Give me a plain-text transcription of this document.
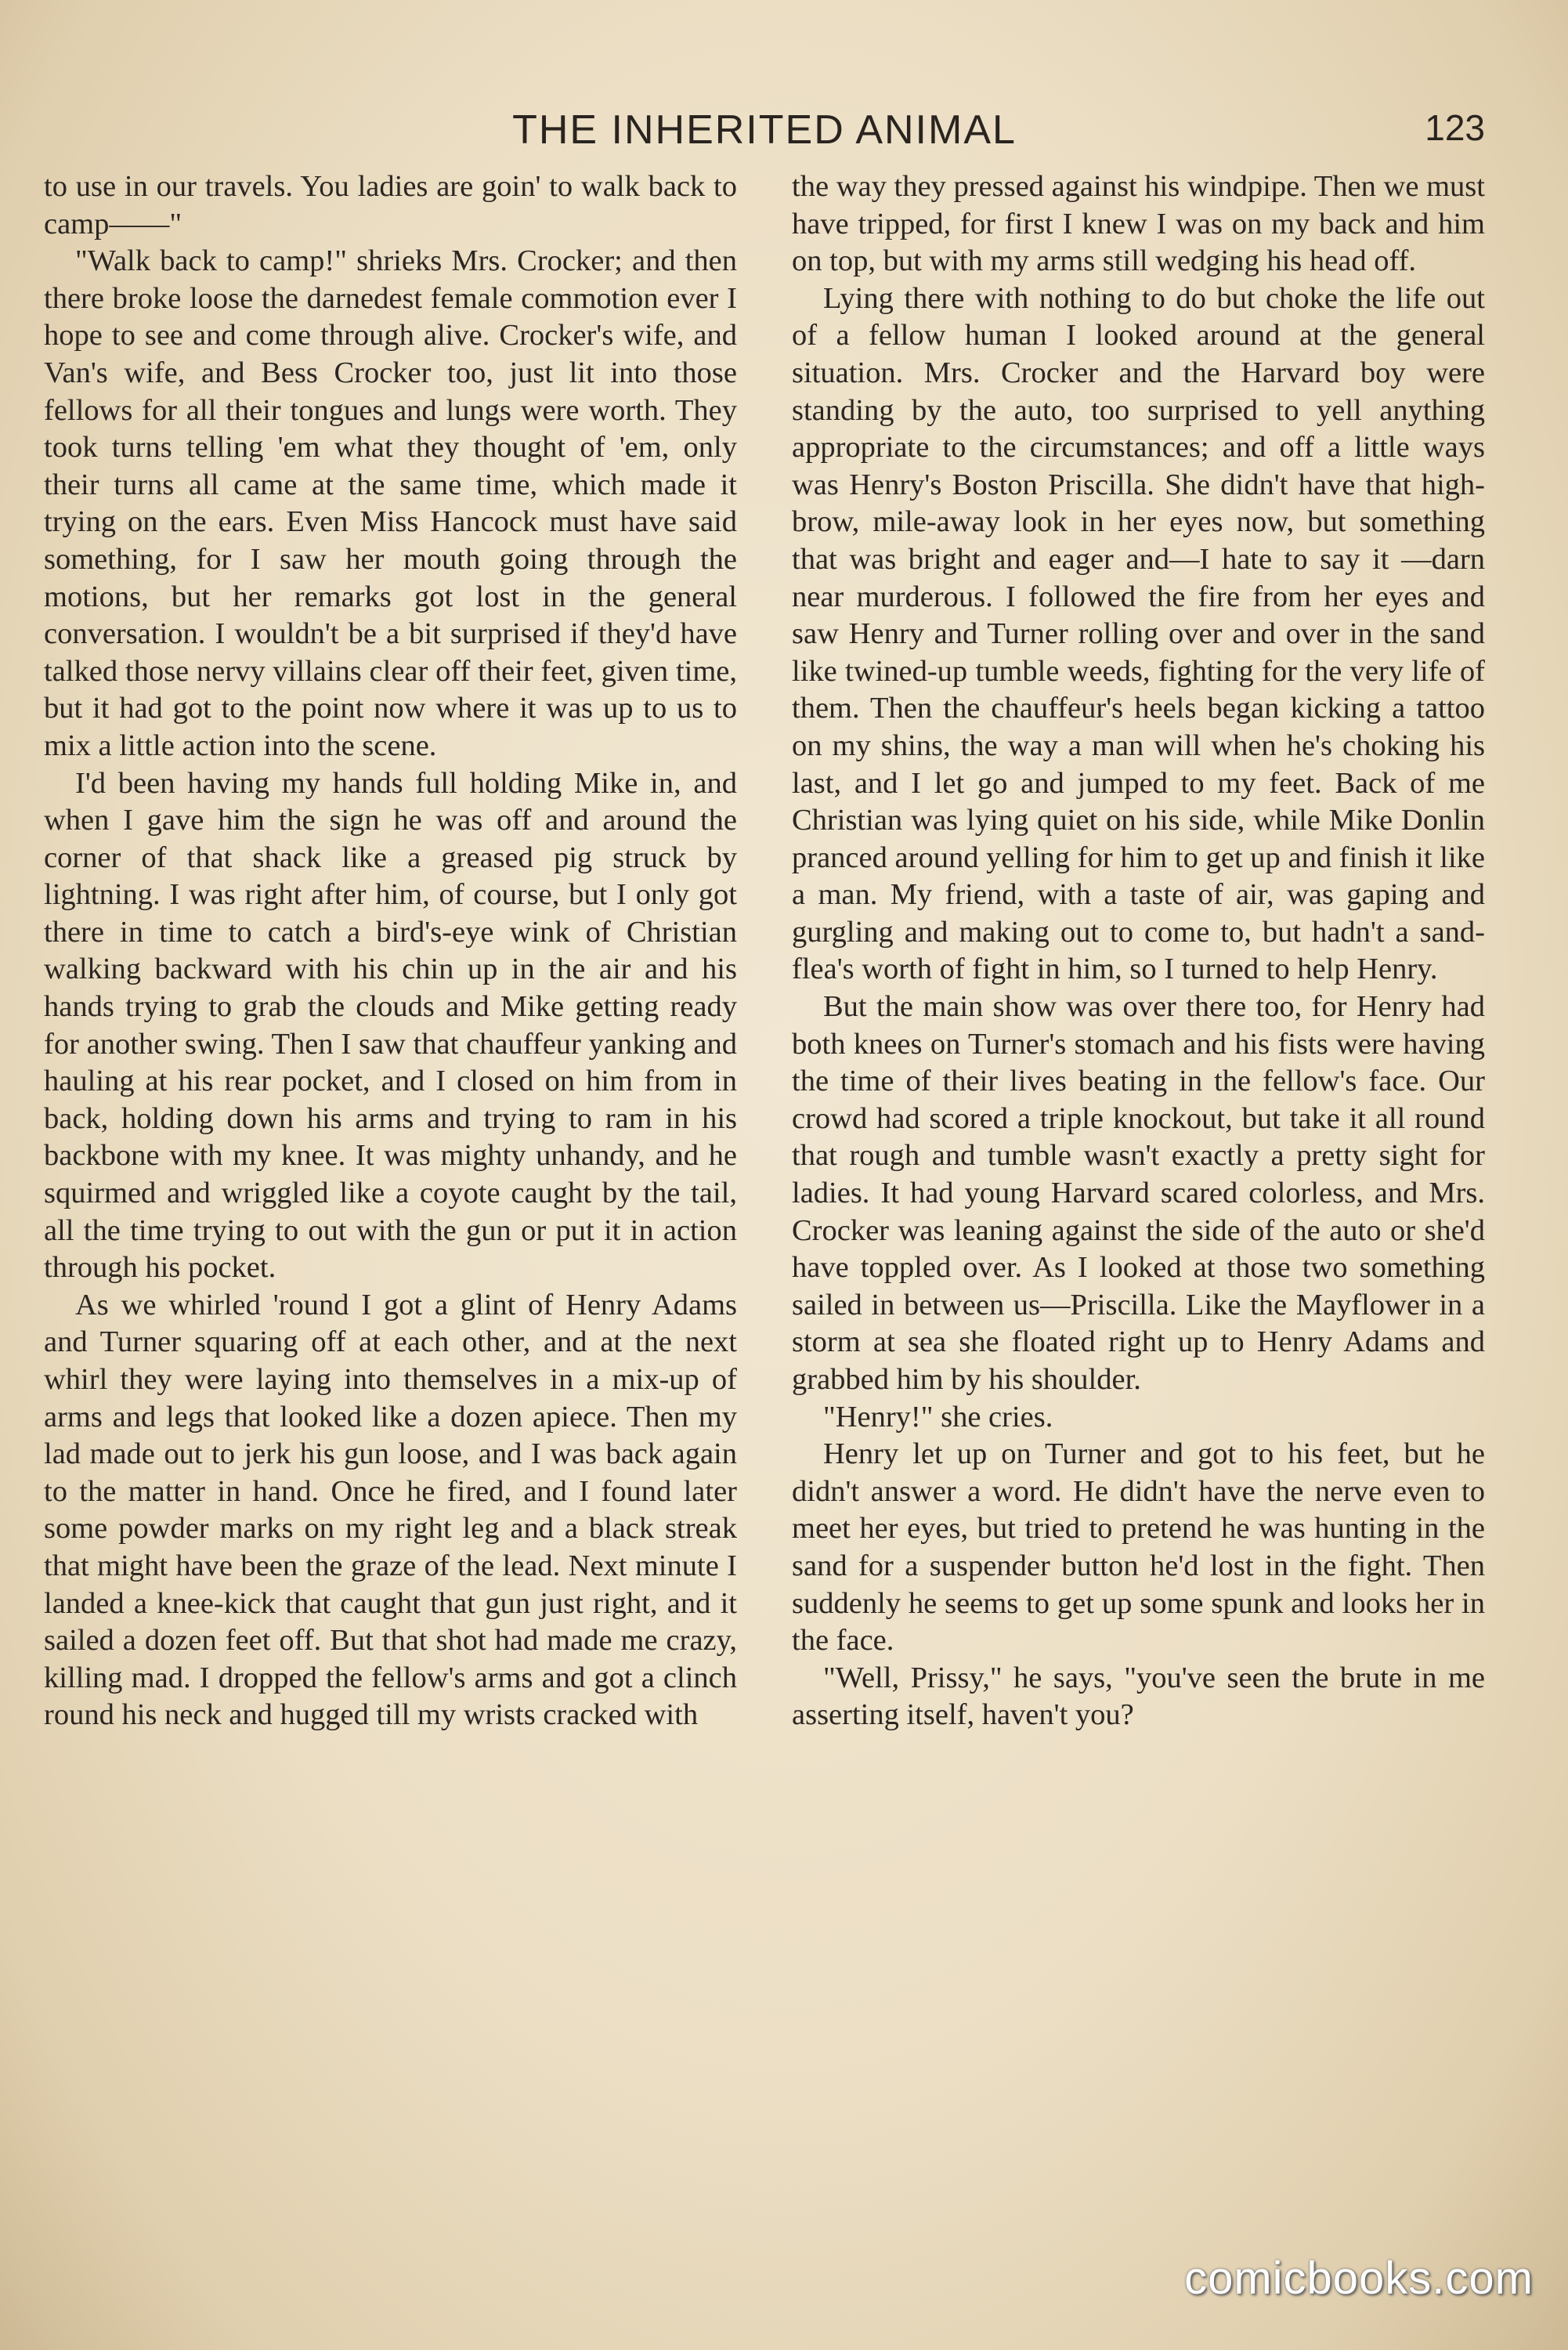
THE INHERITED ANIMAL	123

to use in our travels. You ladies are goin' to walk back to camp——"

"Walk back to camp!" shrieks Mrs. Crocker; and then there broke loose the darnedest female commotion ever I hope to see and come through alive. Crocker's wife, and Van's wife, and Bess Crocker too, just lit into those fellows for all their tongues and lungs were worth. They took turns telling 'em what they thought of 'em, only their turns all came at the same time, which made it trying on the ears. Even Miss Hancock must have said something, for I saw her mouth going through the motions, but her remarks got lost in the general conversation. I wouldn't be a bit surprised if they'd have talked those nervy villains clear off their feet, given time, but it had got to the point now where it was up to us to mix a little action into the scene.

I'd been having my hands full holding Mike in, and when I gave him the sign he was off and around the corner of that shack like a greased pig struck by lightning. I was right after him, of course, but I only got there in time to catch a bird's-eye wink of Christian walking backward with his chin up in the air and his hands trying to grab the clouds and Mike getting ready for another swing. Then I saw that chauffeur yanking and hauling at his rear pocket, and I closed on him from in back, holding down his arms and trying to ram in his backbone with my knee. It was mighty unhandy, and he squirmed and wriggled like a coyote caught by the tail, all the time trying to out with the gun or put it in action through his pocket.

As we whirled 'round I got a glint of Henry Adams and Turner squaring off at each other, and at the next whirl they were laying into themselves in a mix-up of arms and legs that looked like a dozen apiece. Then my lad made out to jerk his gun loose, and I was back again to the matter in hand. Once he fired, and I found later some powder marks on my right leg and a black streak that might have been the graze of the lead. Next minute I landed a knee-kick that caught that gun just right, and it sailed a dozen feet off. But that shot had made me crazy, killing mad. I dropped the fellow's arms and got a clinch round his neck and hugged till my wrists cracked with

the way they pressed against his windpipe. Then we must have tripped, for first I knew I was on my back and him on top, but with my arms still wedging his head off.

Lying there with nothing to do but choke the life out of a fellow human I looked around at the general situation. Mrs. Crocker and the Harvard boy were standing by the auto, too surprised to yell anything appropriate to the circumstances; and off a little ways was Henry's Boston Priscilla. She didn't have that high-brow, mile-away look in her eyes now, but something that was bright and eager and—I hate to say it —darn near murderous. I followed the fire from her eyes and saw Henry and Turner rolling over and over in the sand like twined-up tumble weeds, fighting for the very life of them. Then the chauffeur's heels began kicking a tattoo on my shins, the way a man will when he's choking his last, and I let go and jumped to my feet. Back of me Christian was lying quiet on his side, while Mike Donlin pranced around yelling for him to get up and finish it like a man. My friend, with a taste of air, was gaping and gurgling and making out to come to, but hadn't a sand-flea's worth of fight in him, so I turned to help Henry.

But the main show was over there too, for Henry had both knees on Turner's stomach and his fists were having the time of their lives beating in the fellow's face. Our crowd had scored a triple knockout, but take it all round that rough and tumble wasn't exactly a pretty sight for ladies. It had young Harvard scared colorless, and Mrs. Crocker was leaning against the side of the auto or she'd have toppled over. As I looked at those two something sailed in between us—Priscilla. Like the Mayflower in a storm at sea she floated right up to Henry Adams and grabbed him by his shoulder.

"Henry!" she cries.

Henry let up on Turner and got to his feet, but he didn't answer a word. He didn't have the nerve even to meet her eyes, but tried to pretend he was hunting in the sand for a suspender button he'd lost in the fight. Then suddenly he seems to get up some spunk and looks her in the face.

"Well, Prissy," he says, "you've seen the brute in me asserting itself, haven't you?

comicbooks.com
